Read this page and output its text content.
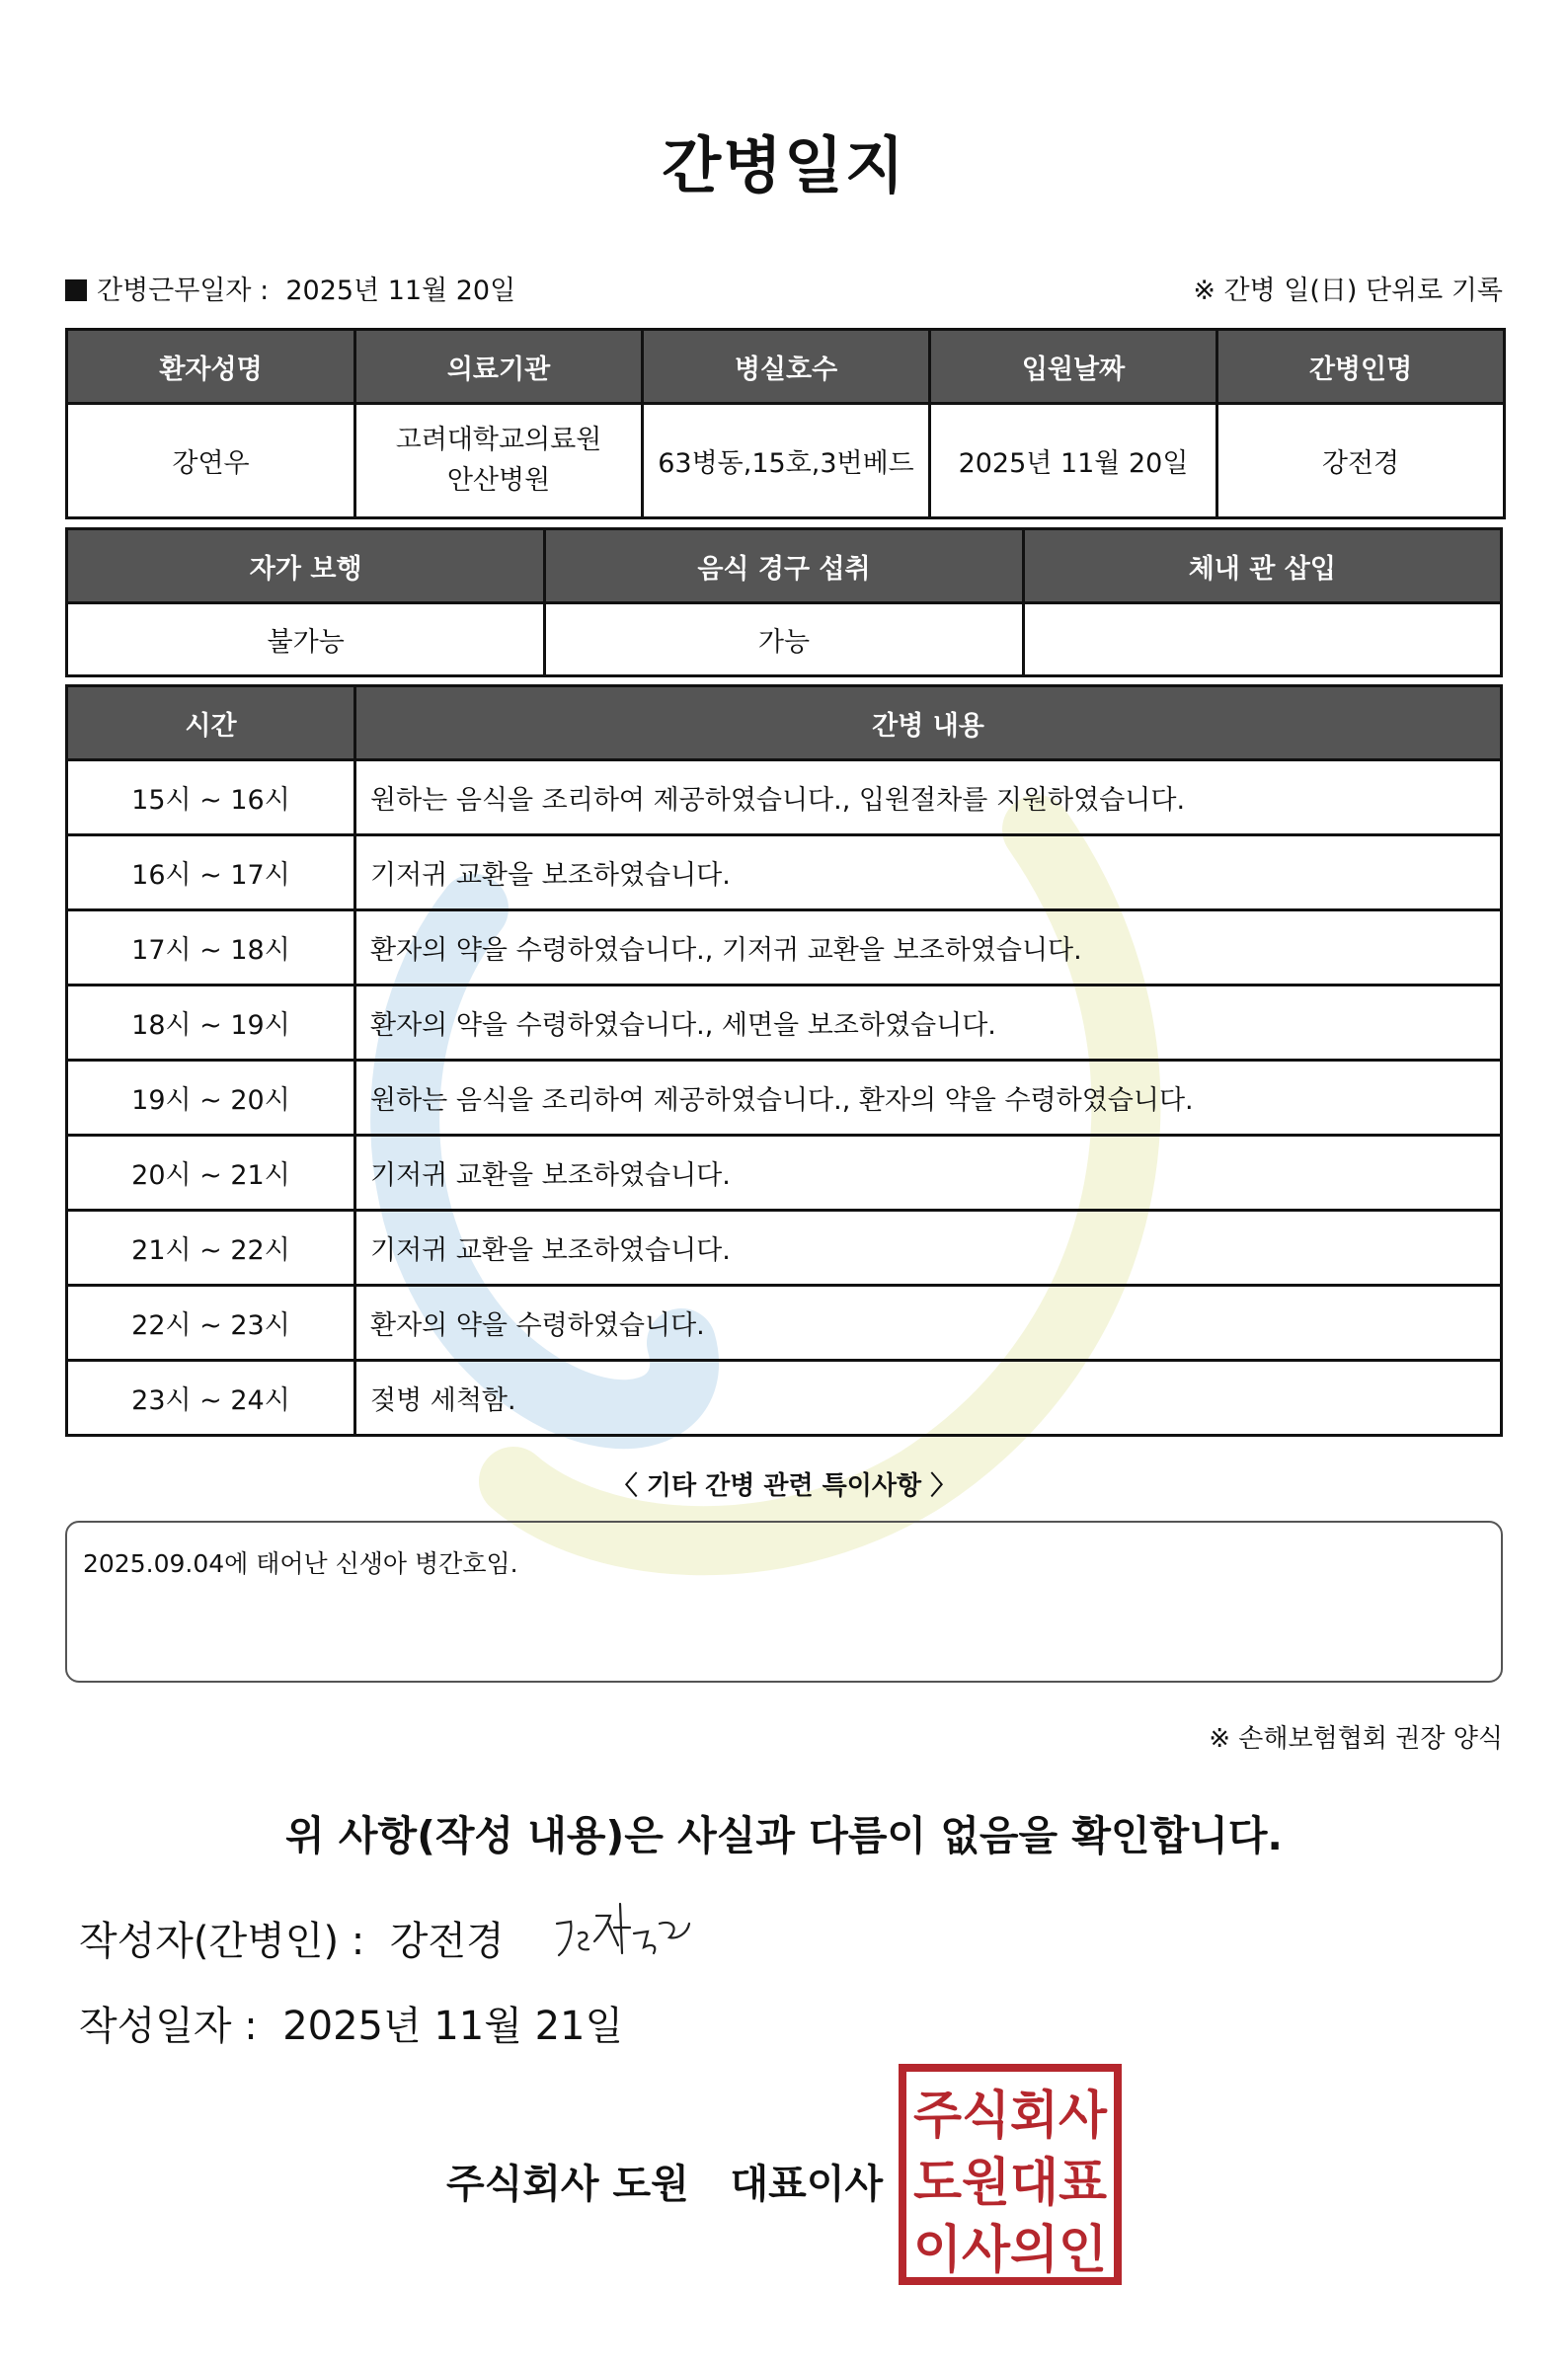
간병일지
간병근무일자 : 2025년 11월 20일	※ 간병 일(日) 단위로 기록
환자성명	의료기관	병실호수	입원날짜	간병인명
강연우	고려대학교의료원안산병원	63병동,15호,3번베드	2025년 11월 20일	강전경
자가 보행	음식 경구 섭취	체내 관 삽입
불가능	가능	
시간	간병 내용
15시 ~ 16시	원하는 음식을 조리하여 제공하였습니다., 입원절차를 지원하였습니다.
16시 ~ 17시	기저귀 교환을 보조하였습니다.
17시 ~ 18시	환자의 약을 수령하였습니다., 기저귀 교환을 보조하였습니다.
18시 ~ 19시	환자의 약을 수령하였습니다., 세면을 보조하였습니다.
19시 ~ 20시	원하는 음식을 조리하여 제공하였습니다., 환자의 약을 수령하였습니다.
20시 ~ 21시	기저귀 교환을 보조하였습니다.
21시 ~ 22시	기저귀 교환을 보조하였습니다.
22시 ~ 23시	환자의 약을 수령하였습니다.
23시 ~ 24시	젖병 세척함.
〈 기타 간병 관련 특이사항 〉
2025.09.04에 태어난 신생아 병간호임.
※ 손해보험협회 권장 양식
위 사항(작성 내용)은 사실과 다름이 없음을 확인합니다.
작성자(간병인) : 강전경
작성일자 : 2025년 11월 21일
주식회사 도원   대표이사
주식회사
도원대표
이사의인
